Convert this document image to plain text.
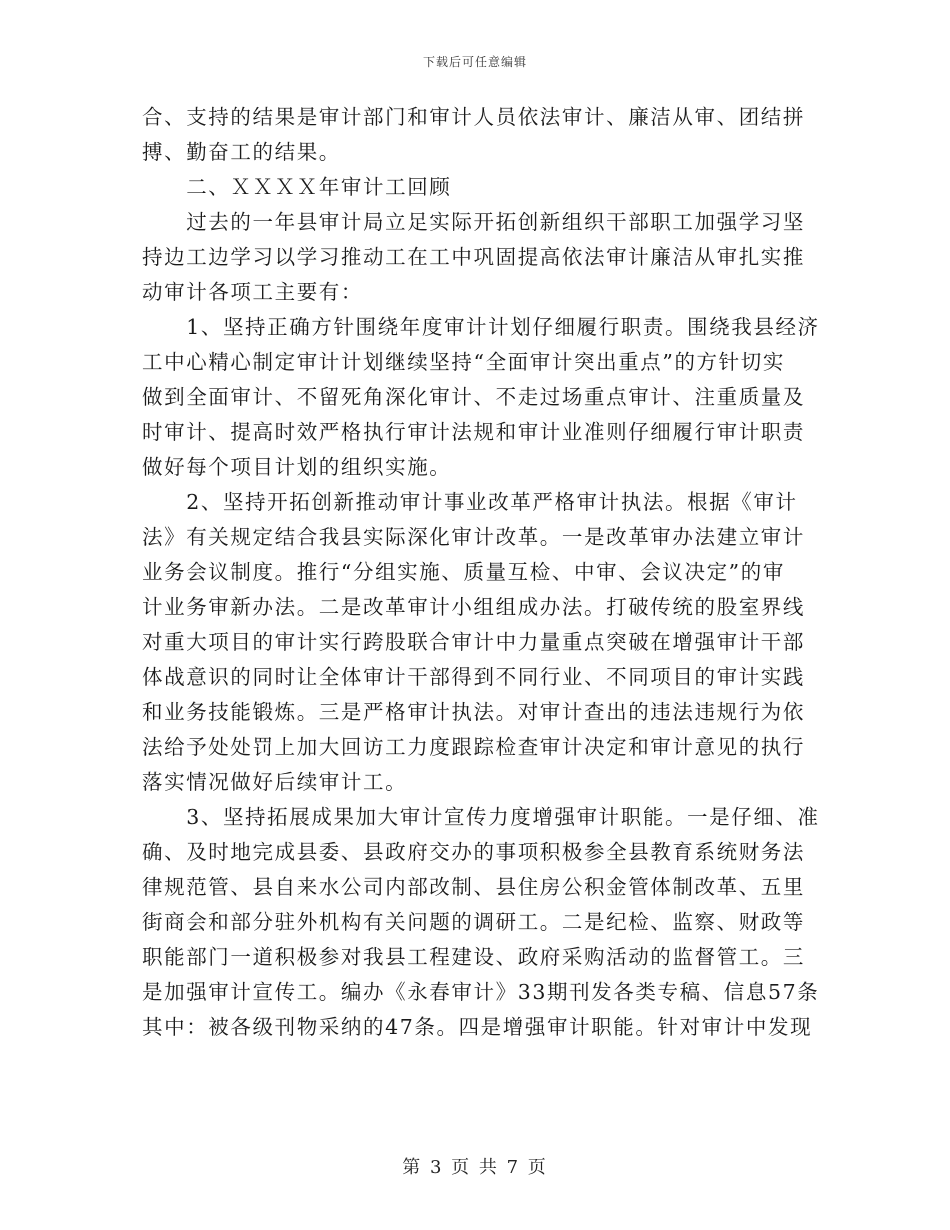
下载后可任意编辑
合、支持的结果是审计部门和审计人员依法审计、廉洁从审、团结拼
搏、勤奋工的结果。
　　二、ＸＸＸＸ年审计工回顾
　　过去的一年县审计局立足实际开拓创新组织干部职工加强学习坚
持边工边学习以学习推动工在工中巩固提高依法审计廉洁从审扎实推
动审计各项工主要有：
　　1、坚持正确方针围绕年度审计计划仔细履行职责。围绕我县经济
工中心精心制定审计计划继续坚持“全面审计突出重点”的方针切实
做到全面审计、不留死角深化审计、不走过场重点审计、注重质量及
时审计、提高时效严格执行审计法规和审计业准则仔细履行审计职责
做好每个项目计划的组织实施。
　　2、坚持开拓创新推动审计事业改革严格审计执法。根据《审计
法》有关规定结合我县实际深化审计改革。一是改革审办法建立审计
业务会议制度。推行“分组实施、质量互检、中审、会议决定”的审
计业务审新办法。二是改革审计小组组成办法。打破传统的股室界线
对重大项目的审计实行跨股联合审计中力量重点突破在增强审计干部
体战意识的同时让全体审计干部得到不同行业、不同项目的审计实践
和业务技能锻炼。三是严格审计执法。对审计查出的违法违规行为依
法给予处处罚上加大回访工力度跟踪检查审计决定和审计意见的执行
落实情况做好后续审计工。
　　3、坚持拓展成果加大审计宣传力度增强审计职能。一是仔细、准
确、及时地完成县委、县政府交办的事项积极参全县教育系统财务法
律规范管、县自来水公司内部改制、县住房公积金管体制改革、五里
街商会和部分驻外机构有关问题的调研工。二是纪检、监察、财政等
职能部门一道积极参对我县工程建设、政府采购活动的监督管工。三
是加强审计宣传工。编办《永春审计》33期刊发各类专稿、信息57条
其中：被各级刊物采纳的47条。四是增强审计职能。针对审计中发现
第 3 页 共 7 页
